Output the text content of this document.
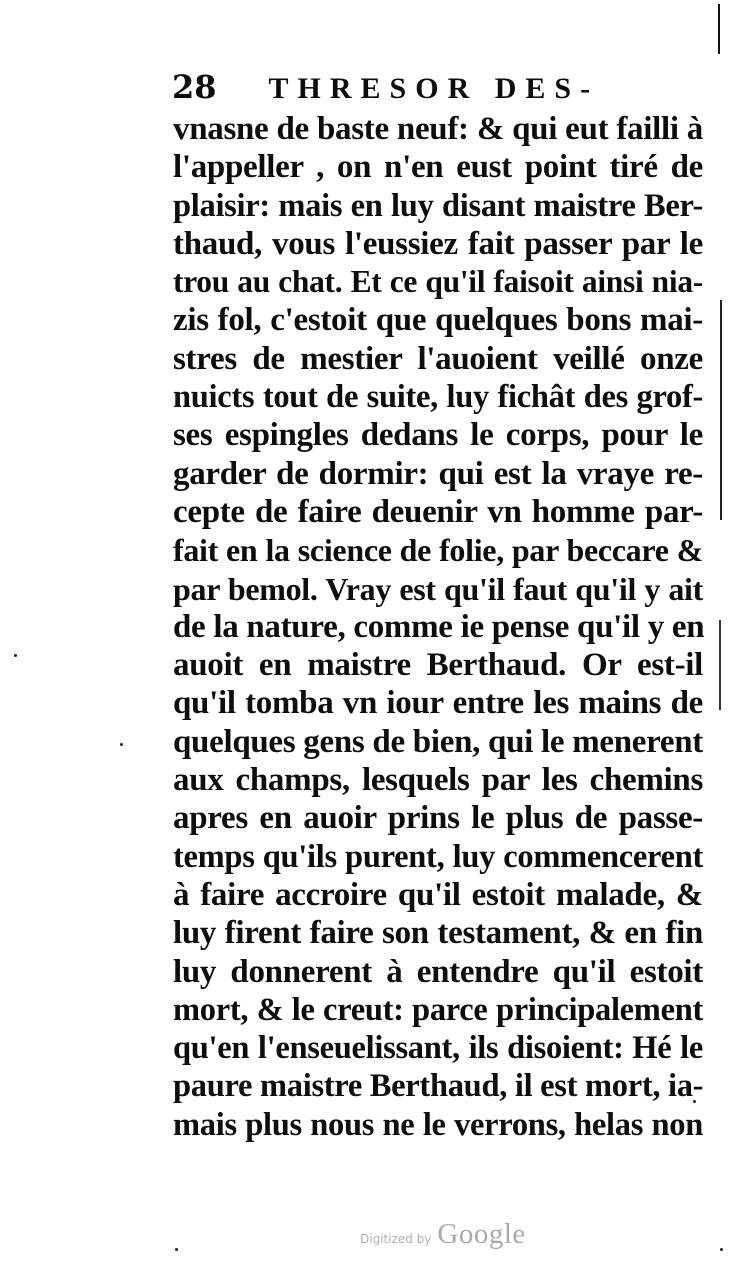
28 THRESOR DES-
vnasne de baste neuf: & qui eut failli à
l'appeller , on n'en eust point tiré de
plaisir: mais en luy disant maistre Ber-
thaud, vous l'eussiez fait passer par le
trou au chat. Et ce qu'il faisoit ainsi nia-
zis fol, c'estoit que quelques bons mai-
stres de mestier l'auoient veillé onze
nuicts tout de suite, luy fichât des grof-
ses espingles dedans le corps, pour le
garder de dormir: qui est la vraye re-
cepte de faire deuenir vn homme par-
fait en la science de folie, par beccare &
par bemol. Vray est qu'il faut qu'il y ait
de la nature, comme ie pense qu'il y en
auoit en maistre Berthaud. Or est-il
qu'il tomba vn iour entre les mains de
quelques gens de bien, qui le menerent
aux champs, lesquels par les chemins
apres en auoir prins le plus de passe-
temps qu'ils purent, luy commencerent
à faire accroire qu'il estoit malade, &
luy firent faire son testament, & en fin
luy donnerent à entendre qu'il estoit
mort, & le creut: parce principalement
qu'en l'enseuelissant, ils disoient: Hé le
paure maistre Berthaud, il est mort, ia-
mais plus nous ne le verrons, helas non
Digitized by Google
